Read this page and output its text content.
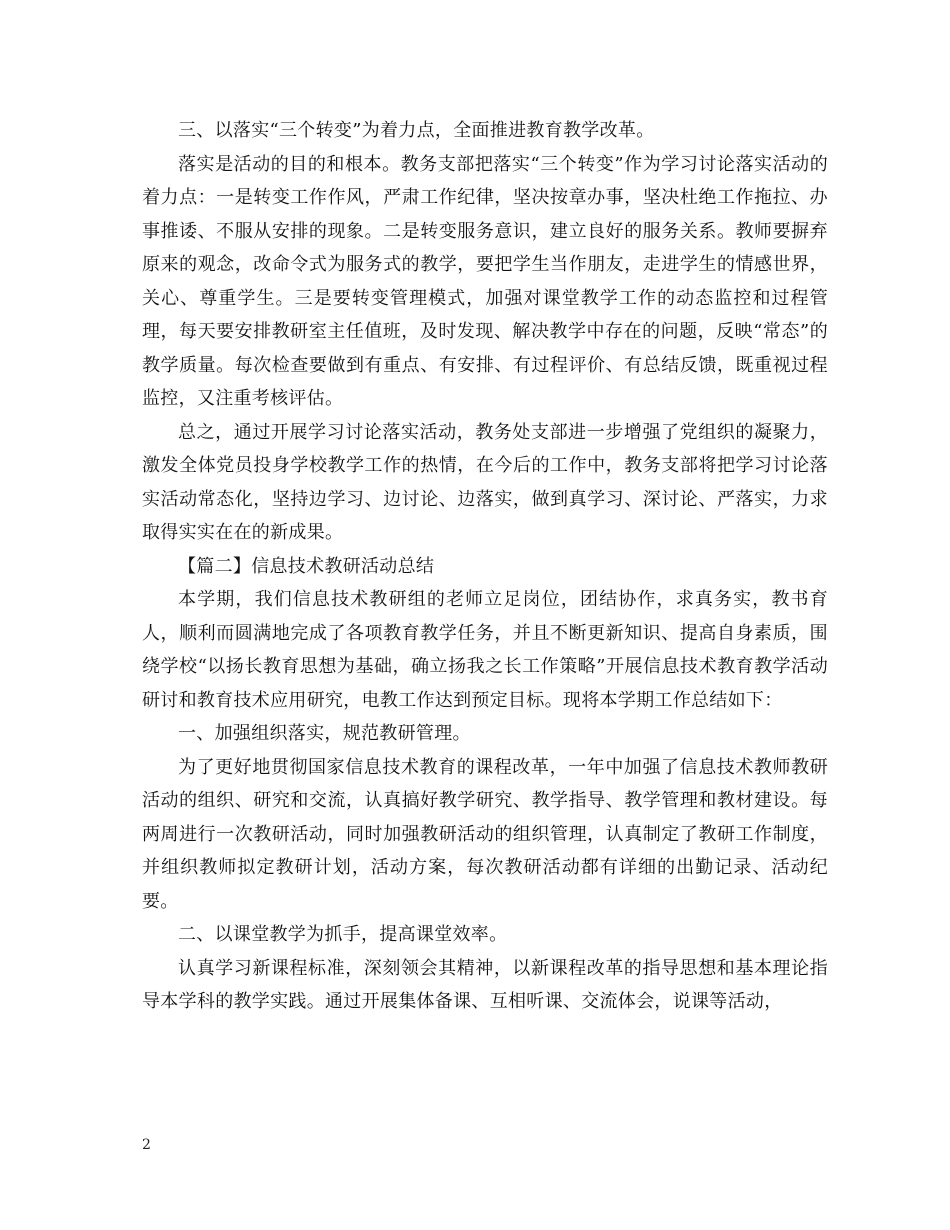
三、以落实“三个转变”为着力点，全面推进教育教学改革。

落实是活动的目的和根本。教务支部把落实“三个转变”作为学习讨论落实活动的着力点：一是转变工作作风，严肃工作纪律，坚决按章办事，坚决杜绝工作拖拉、办事推诿、不服从安排的现象。二是转变服务意识，建立良好的服务关系。教师要摒弃原来的观念，改命令式为服务式的教学，要把学生当作朋友，走进学生的情感世界，关心、尊重学生。三是要转变管理模式，加强对课堂教学工作的动态监控和过程管理，每天要安排教研室主任值班，及时发现、解决教学中存在的问题，反映“常态”的教学质量。每次检查要做到有重点、有安排、有过程评价、有总结反馈，既重视过程监控，又注重考核评估。

总之，通过开展学习讨论落实活动，教务处支部进一步增强了党组织的凝聚力，激发全体党员投身学校教学工作的热情，在今后的工作中，教务支部将把学习讨论落实活动常态化，坚持边学习、边讨论、边落实，做到真学习、深讨论、严落实，力求取得实实在在的新成果。

【篇二】信息技术教研活动总结

本学期，我们信息技术教研组的老师立足岗位，团结协作，求真务实，教书育人，顺利而圆满地完成了各项教育教学任务，并且不断更新知识、提高自身素质，围绕学校“以扬长教育思想为基础，确立扬我之长工作策略”开展信息技术教育教学活动研讨和教育技术应用研究，电教工作达到预定目标。现将本学期工作总结如下：

一、加强组织落实，规范教研管理。

为了更好地贯彻国家信息技术教育的课程改革，一年中加强了信息技术教师教研活动的组织、研究和交流，认真搞好教学研究、教学指导、教学管理和教材建设。每两周进行一次教研活动，同时加强教研活动的组织管理，认真制定了教研工作制度，并组织教师拟定教研计划，活动方案，每次教研活动都有详细的出勤记录、活动纪要。

二、以课堂教学为抓手，提高课堂效率。

认真学习新课程标准，深刻领会其精神，以新课程改革的指导思想和基本理论指导本学科的教学实践。通过开展集体备课、互相听课、交流体会，说课等活动，

2
